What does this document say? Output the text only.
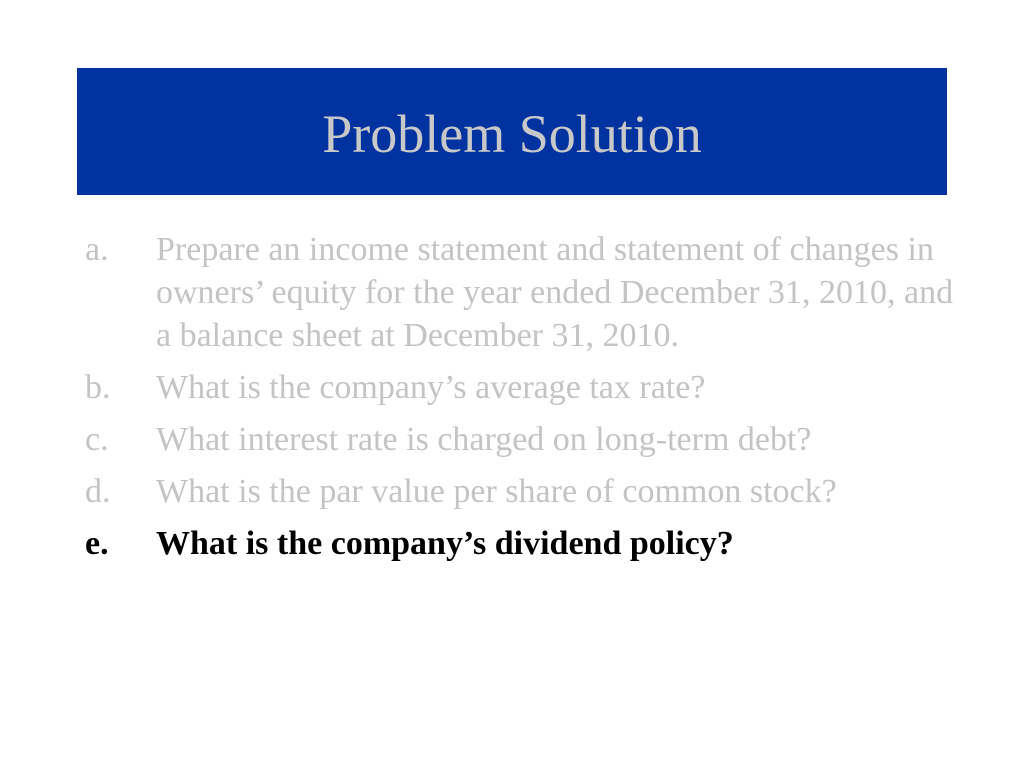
Problem Solution
a.	Prepare an income statement and statement of changes in owners’ equity for the year ended December 31, 2010, and a balance sheet at December 31, 2010.
b.	What is the company’s average tax rate?
c.	What interest rate is charged on long-term debt?
d.	What is the par value per share of common stock?
e.	What is the company’s dividend policy?
